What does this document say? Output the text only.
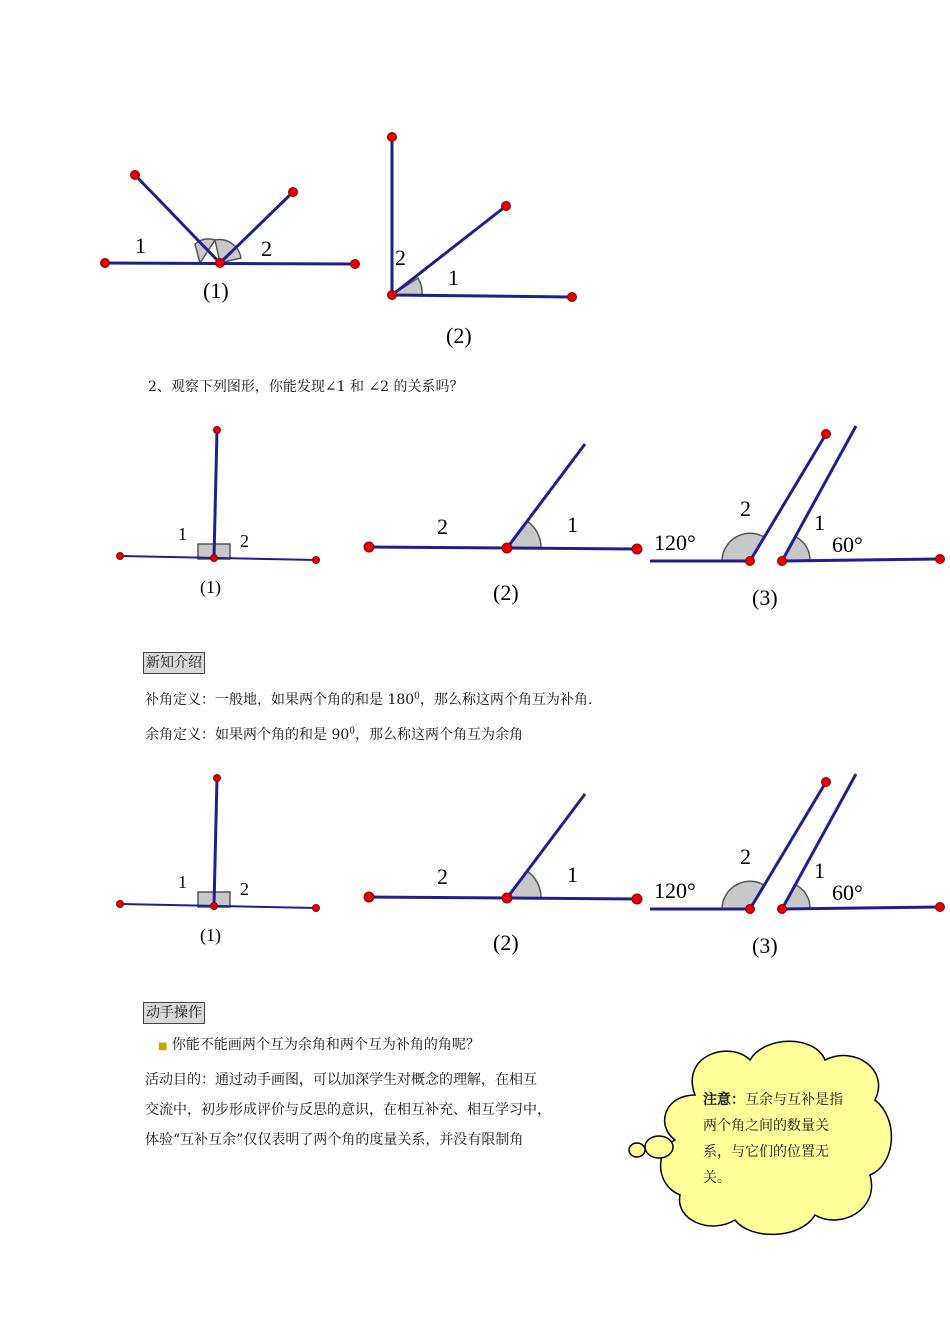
1	2
(1)
2
1
(2)
2、观察下列图形，你能发现∠1 和 ∠2 的关系吗？
1	2
(1)
2	1
(2)
120°
2
1
60°
(3)
新知介绍
补角定义：一般地，如果两个角的和是 $180^0$，那么称这两个角互为补角.
余角定义：如果两个角的和是 $90^0$，那么称这两个角互为余角
1	2
(1)
2	1
(2)
120°
2
1
60°
(3)
动手操作
■ 你能不能画两个互为余角和两个互为补角的角呢？
活动目的：通过动手画图，可以加深学生对概念的理解，在相互
交流中，初步形成评价与反思的意识，在相互补充、相互学习中，
体验“互补互余”仅仅表明了两个角的度量关系，并没有限制角
注意：互余与互补是指两个角之间的数量关系，与它们的位置无关。
